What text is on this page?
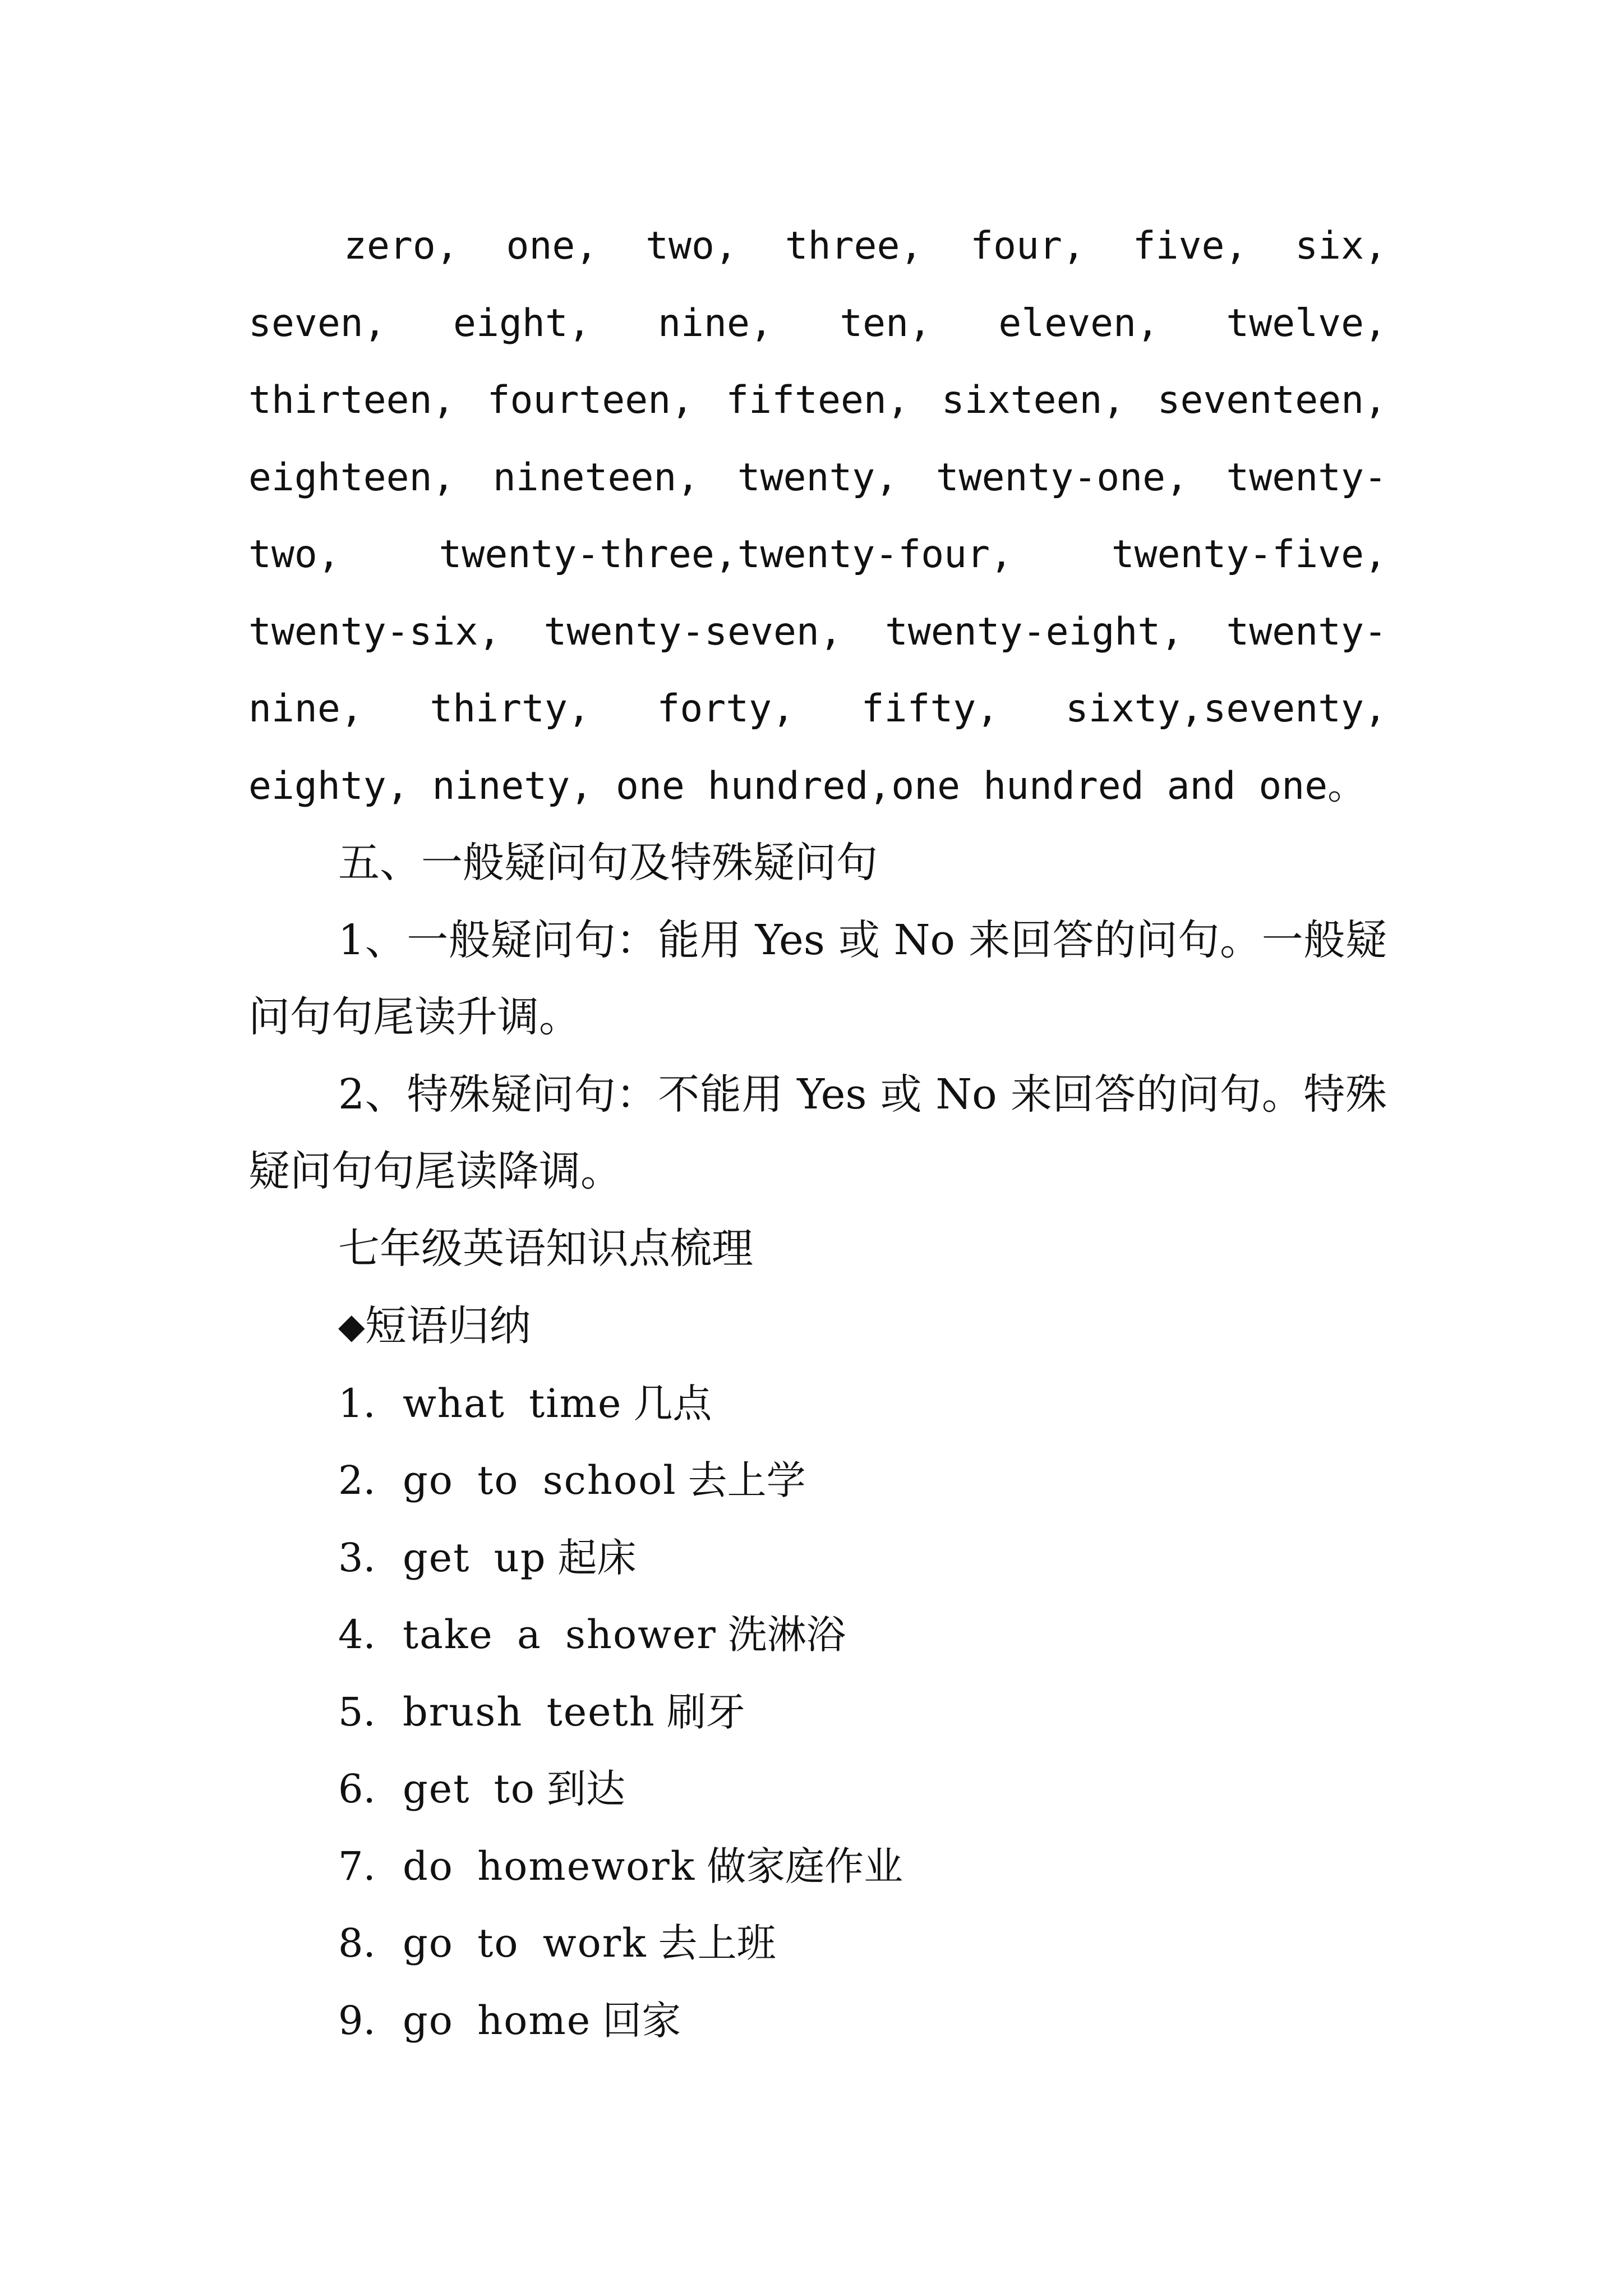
zero, one, two, three, four, five, six, seven, eight, nine, ten, eleven, twelve, thirteen, fourteen, fifteen, sixteen, seventeen, eighteen, nineteen, twenty, twenty-one, twenty-two, twenty-three,twenty-four, twenty-five, twenty-six, twenty-seven, twenty-eight, twenty-nine, thirty, forty, fifty, sixty,seventy, eighty, ninety, one hundred,one hundred and one。

五、一般疑问句及特殊疑问句

1、一般疑问句：能用 Yes 或 No 来回答的问句。一般疑问句句尾读升调。

2、特殊疑问句：不能用 Yes 或 No 来回答的问句。特殊疑问句句尾读降调。

七年级英语知识点梳理

◆短语归纳

1. what time 几点
2. go to school 去上学
3. get up 起床
4. take a shower 洗淋浴
5. brush teeth 刷牙
6. get to 到达
7. do homework 做家庭作业
8. go to work 去上班
9. go home 回家
